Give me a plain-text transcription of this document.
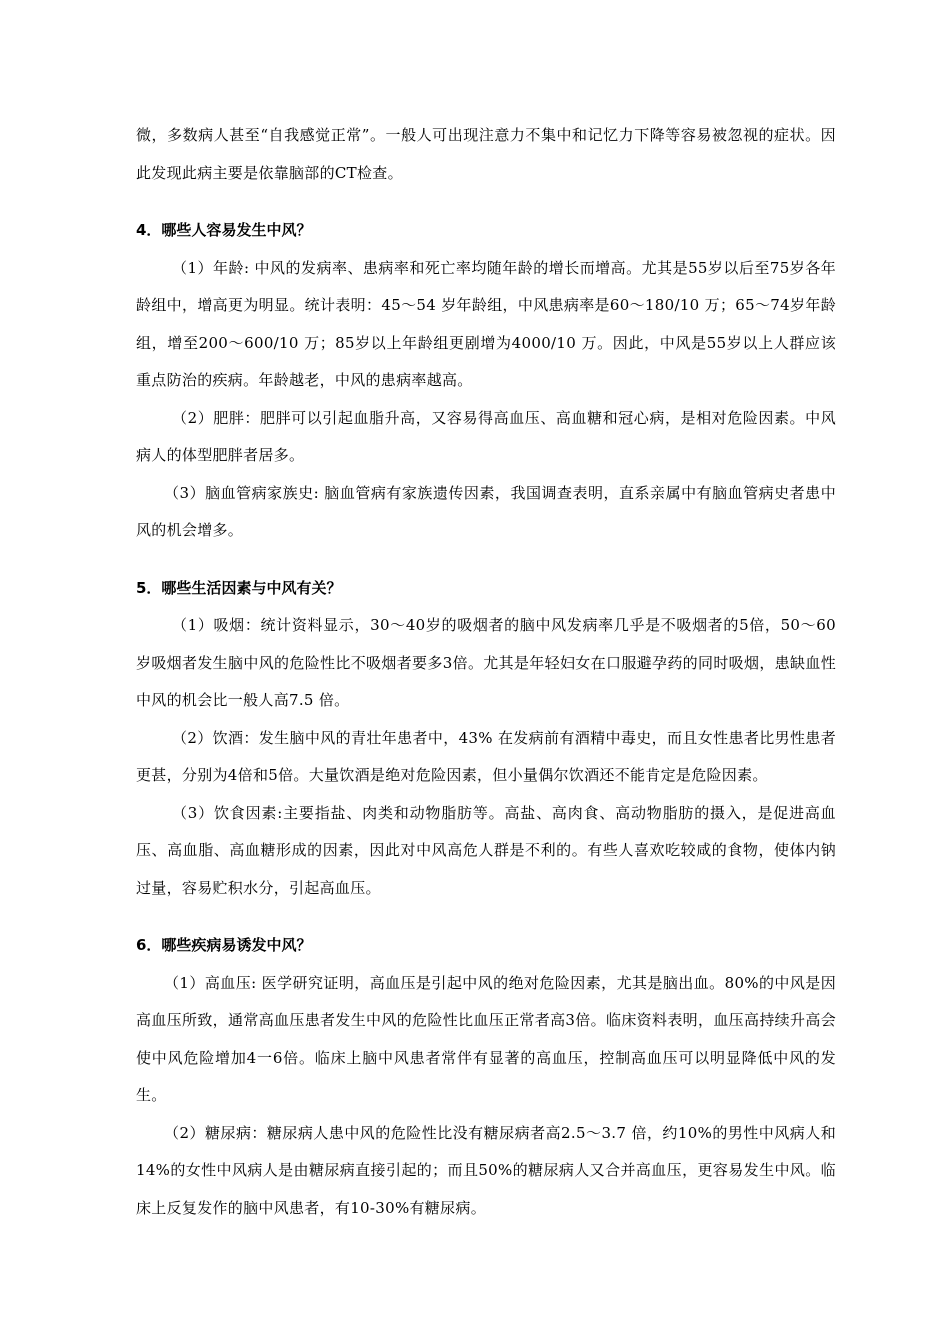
微，多数病人甚至“自我感觉正常”。一般人可出现注意力不集中和记忆力下降等容易被忽视的症状。因此发现此病主要是依靠脑部的CT检查。

4．哪些人容易发生中风？

（1）年龄: 中风的发病率、患病率和死亡率均随年龄的增长而增高。尤其是55岁以后至75岁各年龄组中，增高更为明显。统计表明：45～54 岁年龄组，中风患病率是60～180/10 万；65～74岁年龄组，增至200～600/10 万；85岁以上年龄组更剧增为4000/10 万。因此，中风是55岁以上人群应该重点防治的疾病。年龄越老，中风的患病率越高。

（2）肥胖：肥胖可以引起血脂升高，又容易得高血压、高血糖和冠心病，是相对危险因素。中风病人的体型肥胖者居多。

（3）脑血管病家族史: 脑血管病有家族遗传因素，我国调查表明，直系亲属中有脑血管病史者患中风的机会增多。

5．哪些生活因素与中风有关？

（1）吸烟：统计资料显示，30～40岁的吸烟者的脑中风发病率几乎是不吸烟者的5倍，50～60岁吸烟者发生脑中风的危险性比不吸烟者要多3倍。尤其是年轻妇女在口服避孕药的同时吸烟，患缺血性中风的机会比一般人高7.5 倍。

（2）饮酒：发生脑中风的青壮年患者中，43% 在发病前有酒精中毒史，而且女性患者比男性患者更甚，分别为4倍和5倍。大量饮酒是绝对危险因素，但小量偶尔饮酒还不能肯定是危险因素。

（3）饮食因素:主要指盐、肉类和动物脂肪等。高盐、高肉食、高动物脂肪的摄入，是促进高血压、高血脂、高血糖形成的因素，因此对中风高危人群是不利的。有些人喜欢吃较咸的食物，使体内钠过量，容易贮积水分，引起高血压。

6．哪些疾病易诱发中风？

（1）高血压: 医学研究证明，高血压是引起中风的绝对危险因素，尤其是脑出血。80%的中风是因高血压所致，通常高血压患者发生中风的危险性比血压正常者高3倍。临床资料表明，血压高持续升高会使中风危险增加4一6倍。临床上脑中风患者常伴有显著的高血压，控制高血压可以明显降低中风的发生。

（2）糖尿病：糖尿病人患中风的危险性比没有糖尿病者高2.5～3.7 倍，约10%的男性中风病人和14%的女性中风病人是由糖尿病直接引起的；而且50%的糖尿病人又合并高血压，更容易发生中风。临床上反复发作的脑中风患者，有10-30%有糖尿病。
